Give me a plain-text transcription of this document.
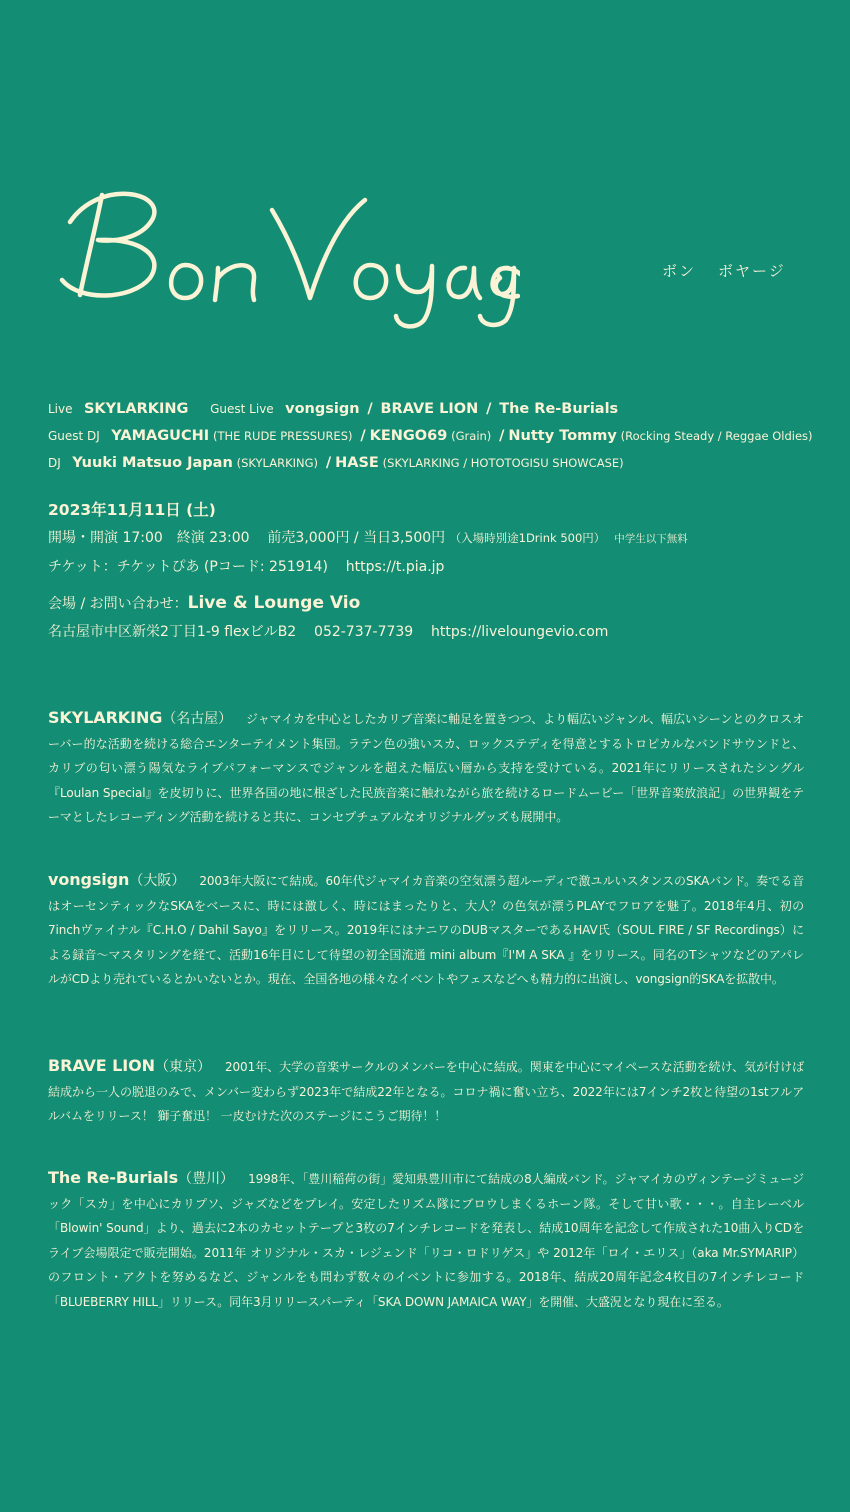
ボン ボヤージ
Live SKYLARKING Guest Live vongsign / BRAVE LION / The Re-Burials
Guest DJ YAMAGUCHI (THE RUDE PRESSURES) / KENGO69 (Grain) / Nutty Tommy (Rocking Steady / Reggae Oldies)
DJ Yuuki Matsuo Japan (SKYLARKING) / HASE (SKYLARKING / HOTOTOGISU SHOWCASE)
2023年11月11日 (土)
開場・開演 17:00　終演 23:00 前売3,000円 / 当日3,500円 （入場時別途1Drink 500円） 中学生以下無料
チケット：チケットぴあ (Pコード: 251914) https://t.pia.jp
会場 / お問い合わせ：Live & Lounge Vio
名古屋市中区新栄2丁目1-9 flexビルB2 052-737-7739 https://liveloungevio.com
SKYLARKING（名古屋） ジャマイカを中心としたカリブ音楽に軸足を置きつつ、より幅広いジャンル、幅広いシーンとのクロスオーバー的な活動を続ける総合エンターテイメント集団。ラテン色の強いスカ、ロックステディを得意とするトロピカルなバンドサウンドと、カリブの匂い漂う陽気なライブパフォーマンスでジャンルを超えた幅広い層から支持を受けている。2021年にリリースされたシングル『Loulan Special』を皮切りに、世界各国の地に根ざした民族音楽に触れながら旅を続けるロードムービー「世界音楽放浪記」の世界観をテーマとしたレコーディング活動を続けると共に、コンセプチュアルなオリジナルグッズも展開中。
vongsign（大阪） 2003年大阪にて結成。60年代ジャマイカ音楽の空気漂う超ルーディで激ユルいスタンスのSKAバンド。奏でる音はオーセンティックなSKAをベースに、時には激しく、時にはまったりと、大人？の色気が漂うPLAYでフロアを魅了。2018年4月、初の7inchヴァイナル『C.H.O / Dahil Sayo』をリリース。2019年にはナニワのDUBマスターであるHAV氏（SOUL FIRE / SF Recordings）による録音〜マスタリングを経て、活動16年目にして待望の初全国流通 mini album『I'M A SKA 』をリリース。同名のTシャツなどのアパレルがCDより売れているとかいないとか。現在、全国各地の様々なイベントやフェスなどへも精力的に出演し、vongsign的SKAを拡散中。
BRAVE LION（東京） 2001年、大学の音楽サークルのメンバーを中心に結成。関東を中心にマイペースな活動を続け、気が付けば結成から一人の脱退のみで、メンバー変わらず2023年で結成22年となる。コロナ禍に奮い立ち、2022年には7インチ2枚と待望の1stフルアルバムをリリース！ 獅子奮迅！ 一皮むけた次のステージにこうご期待！！
The Re-Burials（豊川） 1998年、「豊川稲荷の街」愛知県豊川市にて結成の8人編成バンド。ジャマイカのヴィンテージミュージック「スカ」を中心にカリプソ、ジャズなどをプレイ。安定したリズム隊にブロウしまくるホーン隊。そして甘い歌・・・。自主レーベル「Blowin' Sound」より、過去に2本のカセットテープと3枚の7インチレコードを発表し、結成10周年を記念して作成された10曲入りCDをライブ会場限定で販売開始。2011年 オリジナル・スカ・レジェンド「リコ・ロドリゲス」や 2012年「ロイ・エリス」（aka Mr.SYMARIP）のフロント・アクトを努めるなど、ジャンルをも問わず数々のイベントに参加する。2018年、結成20周年記念4枚目の7インチレコード「BLUEBERRY HILL」リリース。同年3月リリースパーティ「SKA DOWN JAMAICA WAY」を開催、大盛況となり現在に至る。
